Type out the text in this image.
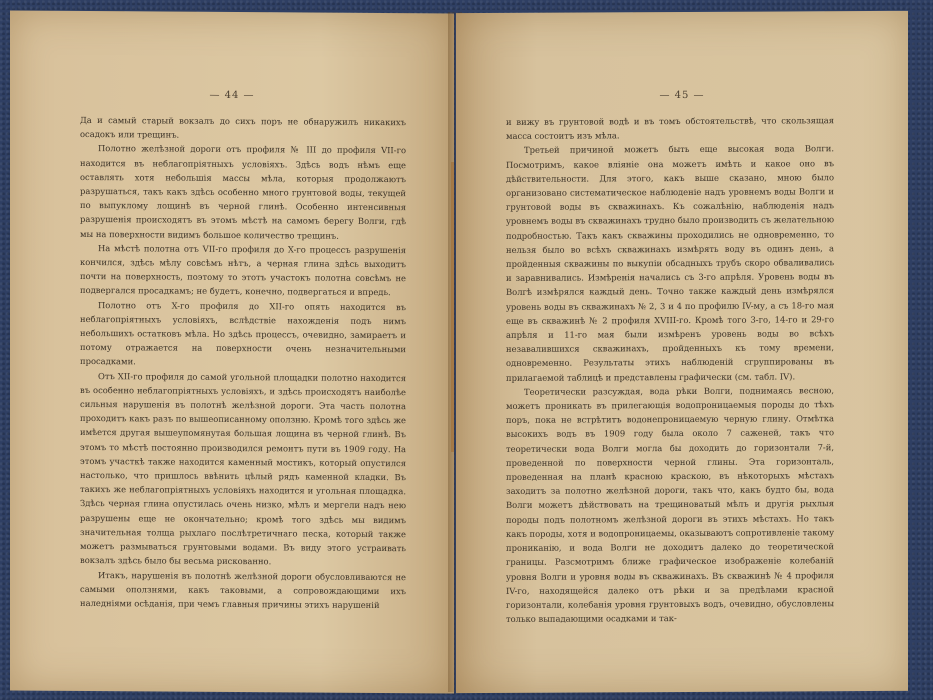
— 44 —

Да и самый старый вокзалъ до сихъ поръ не обнаружилъ никакихъ осадокъ или трещинъ.

Полотно желѣзной дороги отъ профиля № III до профиля VII-го находится въ неблагопріятныхъ условіяхъ. Здѣсь водъ нѣмъ еще оставлять хотя небольшія массы мѣла, которыя продолжаютъ разрушаться, такъ какъ здѣсь особенно много грунтовой воды, текущей по выпуклому лощинѣ въ черной глинѣ. Особенно интенсивныя разрушенія происходятъ въ этомъ мѣстѣ на самомъ берегу Волги, гдѣ мы на поверхности видимъ большое количество трещинъ.

На мѣстѣ полотна отъ VII-го профиля до X-го процессъ разрушенія кончился, здѣсь мѣлу совсѣмъ нѣтъ, а черная глина здѣсь выходитъ почти на поверхность, поэтому то этотъ участокъ полотна совсѣмъ не подвергался просадкамъ; не будетъ, конечно, подвергаться и впредь.

Полотно отъ X-го профиля до XII-го опять находится въ неблагопріятныхъ условіяхъ, вслѣдствіе нахожденія подъ нимъ небольшихъ остатковъ мѣла. Но здѣсь процессъ, очевидно, замираетъ и потому отражается на поверхности очень незначительными просадками.

Отъ XII-го профиля до самой угольной площадки полотно находится въ особенно неблагопріятныхъ условіяхъ, и здѣсь происходятъ наиболѣе сильныя нарушенія въ полотнѣ желѣзной дороги. Эта часть полотна проходитъ какъ разъ по вышеописанному оползню. Кромѣ того здѣсь же имѣется другая вышеупомянутая большая лощина въ черной глинѣ. Въ этомъ то мѣстѣ постоянно производился ремонтъ пути въ 1909 году. На этомъ участкѣ также находится каменный мостикъ, который опустился настолько, что пришлось ввѣнить цѣлый рядъ каменной кладки. Въ такихъ же неблагопріятныхъ условіяхъ находится и угольная площадка. Здѣсь черная глина опустилась очень низко, мѣлъ и мергели надъ нею разрушены еще не окончательно; кромѣ того здѣсь мы видимъ значительная толща рыхлаго послѣтретичнаго песка, который также можетъ размываться грунтовыми водами. Въ виду этого устраивать вокзалъ здѣсь было бы весьма рискованно.

Итакъ, нарушенія въ полотнѣ желѣзной дороги обусловливаются не самыми оползнями, какъ таковыми, а сопровождающими ихъ наледніями осѣданія, при чемъ главныя причины этихъ нарушеній

— 45 —

и вижу въ грунтовой водѣ и въ томъ обстоятельствѣ, что скользящая масса состоитъ изъ мѣла.

Третьей причиной можетъ быть еще высокая вода Волги. Посмотримъ, какое вліяніе она можетъ имѣть и какое оно въ дѣйствительности. Для этого, какъ выше сказано, мною было организовано систематическое наблюденіе надъ уровнемъ воды Волги и грунтовой воды въ скважинахъ. Къ сожалѣнію, наблюденія надъ уровнемъ воды въ скважинахъ трудно было производить съ желательною подробностью. Такъ какъ скважины проходились не одновременно, то нельзя было во всѣхъ скважинахъ измѣрять воду въ одинъ день, а пройденныя скважины по выкупіи обсадныхъ трубъ скоро обваливались и заравнивались. Измѣренія начались съ 3-го апрѣля. Уровень воды въ Волгѣ измѣрялся каждый день. Точно также каждый день измѣрялся уровень воды въ скважинахъ № 2, 3 и 4 по профилю IV-му, а съ 18-го мая еще въ скважинѣ № 2 профиля XVIII-го. Кромѣ того 3-го, 14-го и 29-го апрѣля и 11-го мая были измѣренъ уровень воды во всѣхъ незавалившихся скважинахъ, пройденныхъ къ тому времени, одновременно. Результаты этихъ наблюденій сгруппированы въ прилагаемой таблицѣ и представлены графически (см. табл. IV).

Теоретически разсуждая, вода рѣки Волги, поднимаясь весною, можетъ проникать въ прилегающія водопроницаемыя породы до тѣхъ поръ, пока не встрѣтитъ водонепроницаемую черную глину. Отмѣтка высокихъ водъ въ 1909 году была около 7 саженей, такъ что теоретически вода Волги могла бы доходить до горизонтали 7-й, проведенной по поверхности черной глины. Эта горизонталь, проведенная на планѣ красною краскою, въ нѣкоторыхъ мѣстахъ заходитъ за полотно желѣзной дороги, такъ что, какъ будто бы, вода Волги можетъ дѣйствовать на трещиноватый мѣлъ и другія рыхлыя породы подъ полотномъ желѣзной дороги въ этихъ мѣстахъ. Но такъ какъ породы, хотя и водопроницаемы, оказываютъ сопротивленіе такому прониканію, и вода Волги не доходитъ далеко до теоретической границы. Разсмотримъ ближе графическое изображеніе колебаній уровня Волги и уровня воды въ скважинахъ. Въ скважинѣ № 4 профиля IV-го, находящейся далеко отъ рѣки и за предѣлами красной горизонтали, колебанія уровня грунтовыхъ водъ, очевидно, обусловлены только выпадающими осадками и так-
